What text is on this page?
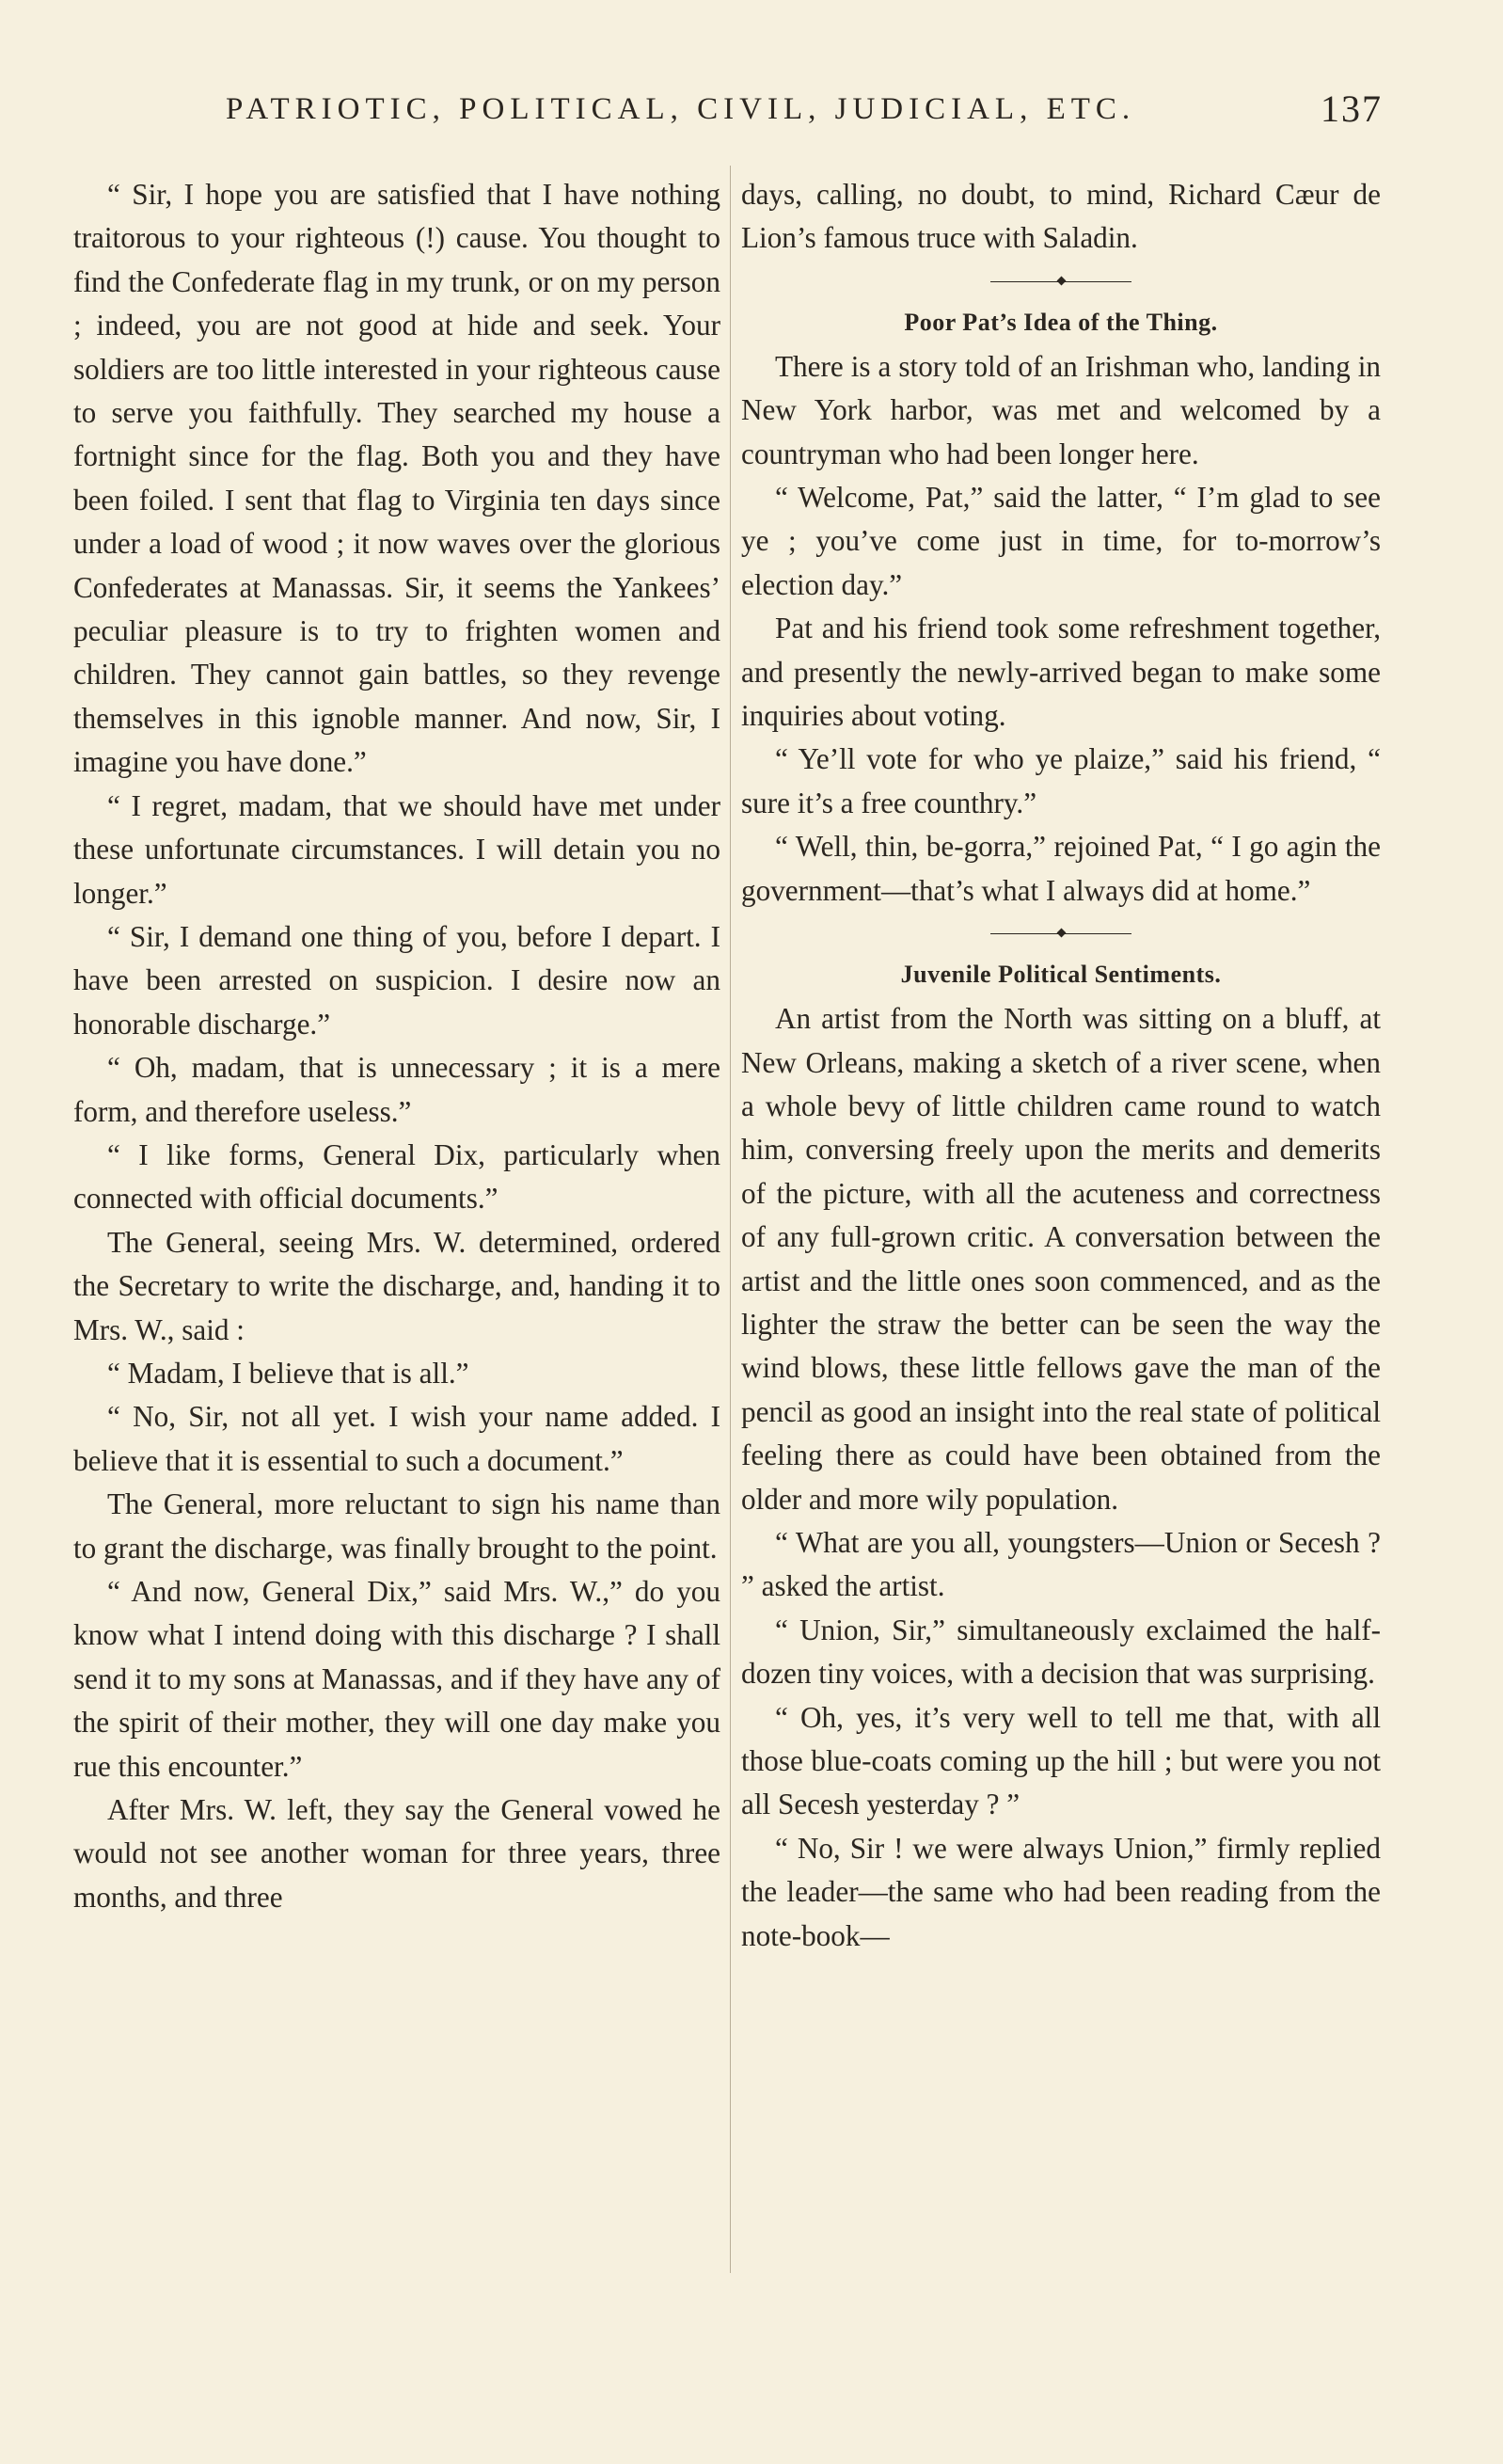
PATRIOTIC, POLITICAL, CIVIL, JUDICIAL, ETC.	137

“ Sir, I hope you are satisfied that I have nothing traitorous to your righteous (!) cause. You thought to find the Confederate flag in my trunk, or on my person ; indeed, you are not good at hide and seek. Your soldiers are too little interested in your righteous cause to serve you faithfully. They searched my house a fortnight since for the flag. Both you and they have been foiled. I sent that flag to Virginia ten days since under a load of wood ; it now waves over the glorious Confederates at Manassas. Sir, it seems the Yankees’ peculiar pleasure is to try to frighten women and children. They cannot gain battles, so they revenge themselves in this ignoble manner. And now, Sir, I imagine you have done.”

“ I regret, madam, that we should have met under these unfortunate circumstances. I will detain you no longer.”

“ Sir, I demand one thing of you, before I depart. I have been arrested on suspicion. I desire now an honorable discharge.”

“ Oh, madam, that is unnecessary ; it is a mere form, and therefore useless.”

“ I like forms, General Dix, particularly when connected with official documents.”

The General, seeing Mrs. W. determined, ordered the Secretary to write the discharge, and, handing it to Mrs. W., said :

“ Madam, I believe that is all.”

“ No, Sir, not all yet. I wish your name added. I believe that it is essential to such a document.”

The General, more reluctant to sign his name than to grant the discharge, was finally brought to the point.

“ And now, General Dix,” said Mrs. W.,” do you know what I intend doing with this discharge ? I shall send it to my sons at Manassas, and if they have any of the spirit of their mother, they will one day make you rue this encounter.”

After Mrs. W. left, they say the General vowed he would not see another woman for three years, three months, and three

days, calling, no doubt, to mind, Richard Cæur de Lion’s famous truce with Saladin.

Poor Pat’s Idea of the Thing.

There is a story told of an Irishman who, landing in New York harbor, was met and welcomed by a countryman who had been longer here.

“ Welcome, Pat,” said the latter, “ I’m glad to see ye ; you’ve come just in time, for to-morrow’s election day.”

Pat and his friend took some refreshment together, and presently the newly-arrived began to make some inquiries about voting.

“ Ye’ll vote for who ye plaize,” said his friend, “ sure it’s a free counthry.”

“ Well, thin, be-gorra,” rejoined Pat, “ I go agin the government—that’s what I always did at home.”

Juvenile Political Sentiments.

An artist from the North was sitting on a bluff, at New Orleans, making a sketch of a river scene, when a whole bevy of little children came round to watch him, conversing freely upon the merits and demerits of the picture, with all the acuteness and correctness of any full-grown critic. A conversation between the artist and the little ones soon commenced, and as the lighter the straw the better can be seen the way the wind blows, these little fellows gave the man of the pencil as good an insight into the real state of political feeling there as could have been obtained from the older and more wily population.

“ What are you all, youngsters—Union or Secesh ? ” asked the artist.

“ Union, Sir,” simultaneously exclaimed the half-dozen tiny voices, with a decision that was surprising.

“ Oh, yes, it’s very well to tell me that, with all those blue-coats coming up the hill ; but were you not all Secesh yesterday ? ”

“ No, Sir ! we were always Union,” firmly replied the leader—the same who had been reading from the note-book—
